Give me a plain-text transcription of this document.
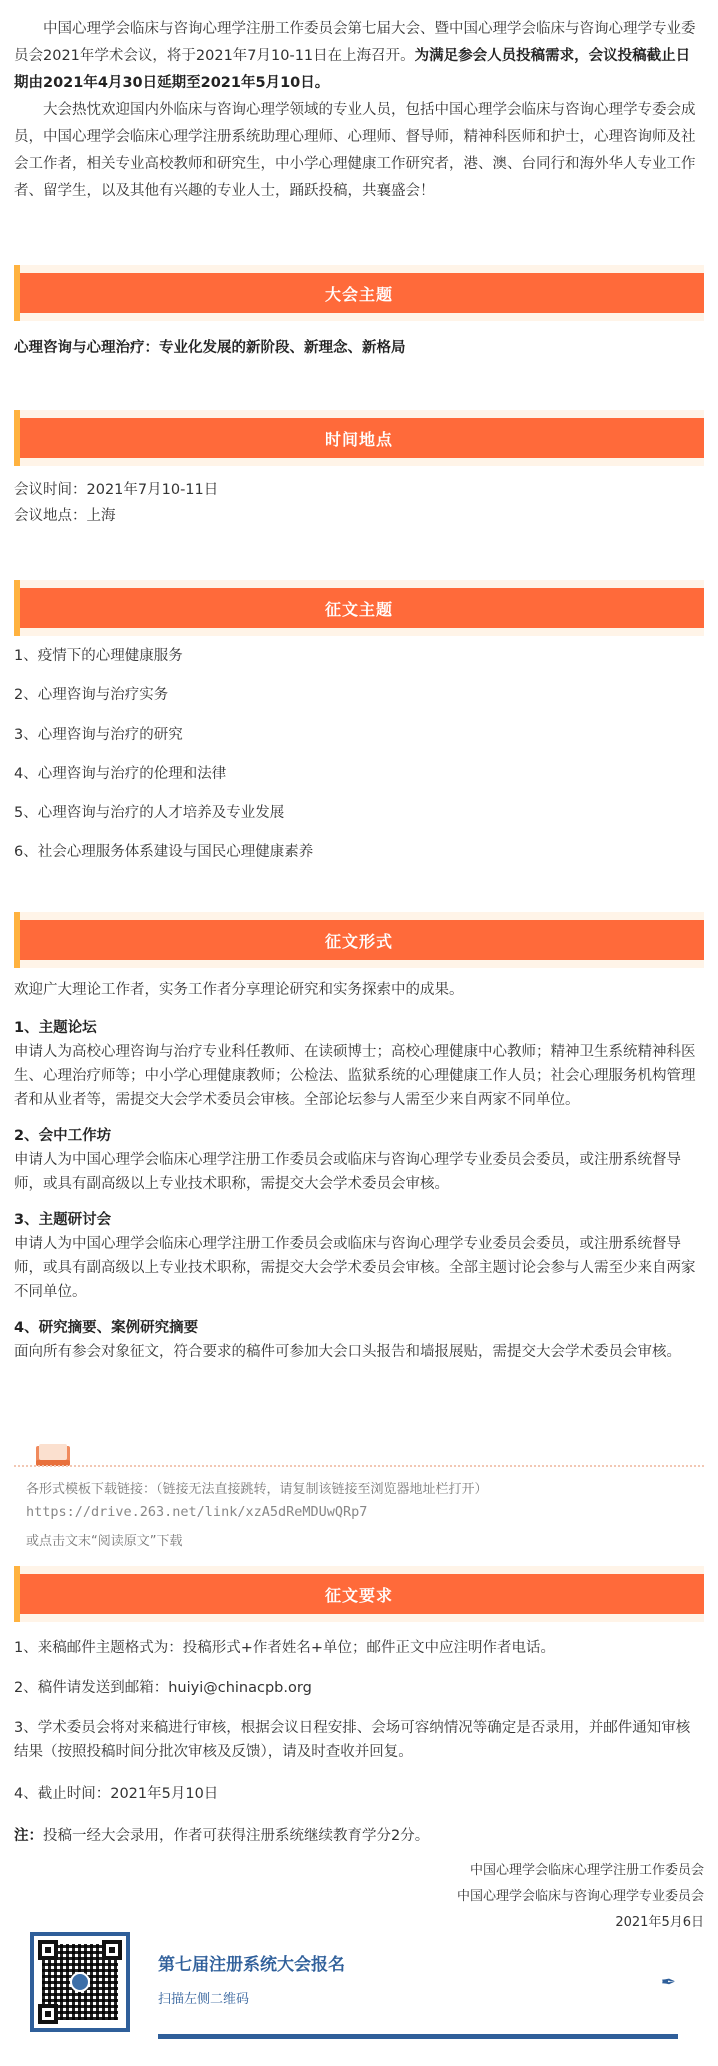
中国心理学会临床与咨询心理学注册工作委员会第七届大会、暨中国心理学会临床与咨询心理学专业委员会2021年学术会议，将于2021年7月10-11日在上海召开。为满足参会人员投稿需求，会议投稿截止日期由2021年4月30日延期至2021年5月10日。

大会热忱欢迎国内外临床与咨询心理学领域的专业人员，包括中国心理学会临床与咨询心理学专委会成员，中国心理学会临床心理学注册系统助理心理师、心理师、督导师，精神科医师和护士，心理咨询师及社会工作者，相关专业高校教师和研究生，中小学心理健康工作研究者，港、澳、台同行和海外华人专业工作者、留学生，以及其他有兴趣的专业人士，踊跃投稿，共襄盛会！

大会主题
心理咨询与心理治疗：专业化发展的新阶段、新理念、新格局
时间地点
会议时间：2021年7月10-11日
会议地点：上海
征文主题
1、疫情下的心理健康服务
2、心理咨询与治疗实务
3、心理咨询与治疗的研究
4、心理咨询与治疗的伦理和法律
5、心理咨询与治疗的人才培养及专业发展
6、社会心理服务体系建设与国民心理健康素养
征文形式
欢迎广大理论工作者，实务工作者分享理论研究和实务探索中的成果。
1、主题论坛
申请人为高校心理咨询与治疗专业科任教师、在读硕博士；高校心理健康中心教师；精神卫生系统精神科医生、心理治疗师等；中小学心理健康教师；公检法、监狱系统的心理健康工作人员；社会心理服务机构管理者和从业者等，需提交大会学术委员会审核。全部论坛参与人需至少来自两家不同单位。
2、会中工作坊
申请人为中国心理学会临床心理学注册工作委员会或临床与咨询心理学专业委员会委员，或注册系统督导师，或具有副高级以上专业技术职称，需提交大会学术委员会审核。
3、主题研讨会
申请人为中国心理学会临床心理学注册工作委员会或临床与咨询心理学专业委员会委员，或注册系统督导师，或具有副高级以上专业技术职称，需提交大会学术委员会审核。全部主题讨论会参与人需至少来自两家不同单位。
4、研究摘要、案例研究摘要
面向所有参会对象征文，符合要求的稿件可参加大会口头报告和墙报展贴，需提交大会学术委员会审核。
各形式模板下载链接：（链接无法直接跳转，请复制该链接至浏览器地址栏打开）
https://drive.263.net/link/xzA5dReMDUwQRp7
或点击文末“阅读原文”下载
征文要求
1、来稿邮件主题格式为：投稿形式+作者姓名+单位；邮件正文中应注明作者电话。
2、稿件请发送到邮箱：huiyi@chinacpb.org
3、学术委员会将对来稿进行审核，根据会议日程安排、会场可容纳情况等确定是否录用，并邮件通知审核结果（按照投稿时间分批次审核及反馈），请及时查收并回复。
4、截止时间：2021年5月10日
注：投稿一经大会录用，作者可获得注册系统继续教育学分2分。
中国心理学会临床心理学注册工作委员会
中国心理学会临床与咨询心理学专业委员会
2021年5月6日
第七届注册系统大会报名
扫描左侧二维码
✒
